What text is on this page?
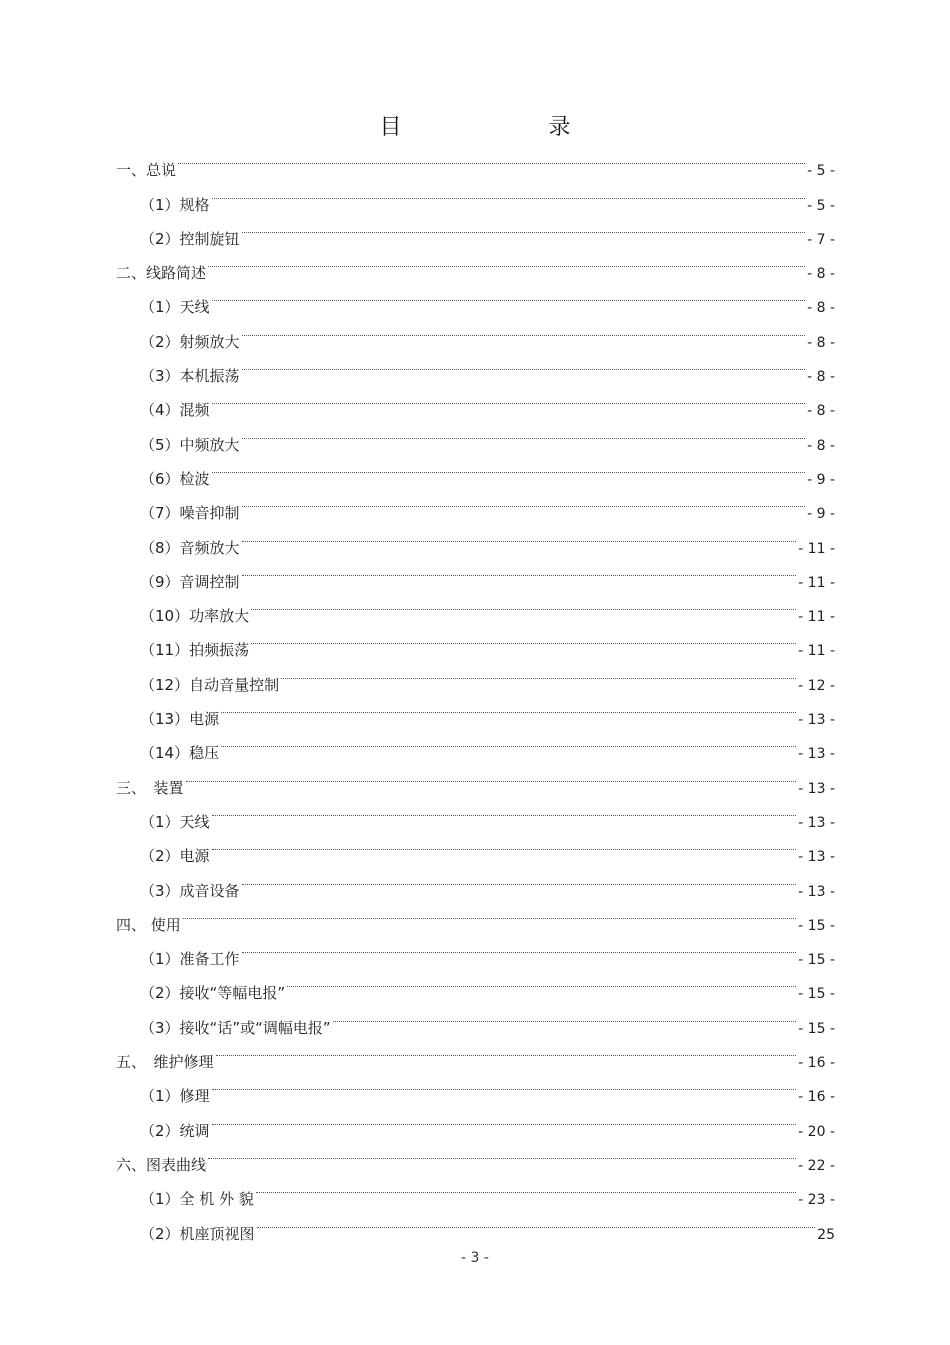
目 录
一、总说	- 5 -
（1）规格	- 5 -
（2）控制旋钮	- 7 -
二、线路简述	- 8 -
（1）天线	- 8 -
（2）射频放大	- 8 -
（3）本机振荡	- 8 -
（4）混频	- 8 -
（5）中频放大	- 8 -
（6）检波	- 9 -
（7）噪音抑制	- 9 -
（8）音频放大	- 11 -
（9）音调控制	- 11 -
（10）功率放大	- 11 -
（11）拍频振荡	- 11 -
（12）自动音量控制	- 12 -
（13）电源	- 13 -
（14）稳压	- 13 -
三、　装置	- 13 -
（1）天线	- 13 -
（2）电源	- 13 -
（3）成音设备	- 13 -
四、 使用	- 15 -
（1）准备工作	- 15 -
（2）接收“等幅电报”	- 15 -
（3）接收“话”或“调幅电报”	- 15 -
五、　维护修理	- 16 -
（1）修理	- 16 -
（2）统调	- 20 -
六、图表曲线	- 22 -
（1）全 机 外 貌	- 23 -
（2）机座顶视图	25
- 3 -
